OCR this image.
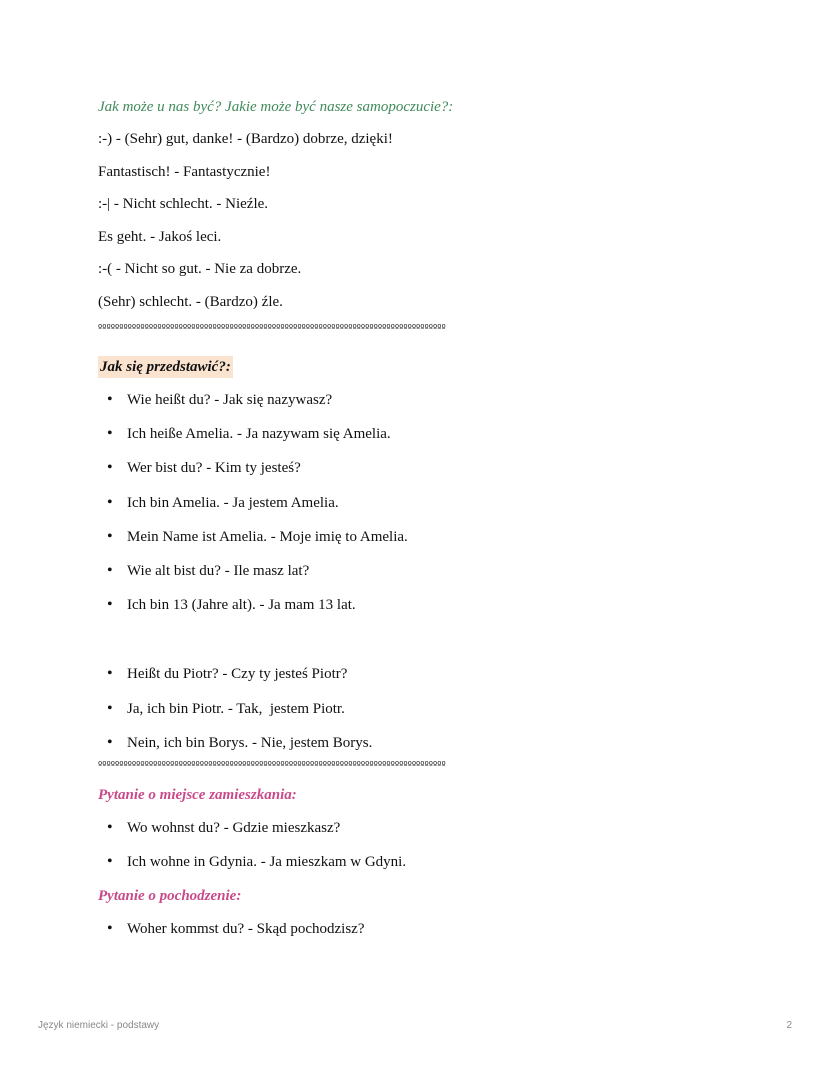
Jak może u nas być? Jakie może być nasze samopoczucie?:
:-) - (Sehr) gut, danke! - (Bardzo) dobrze, dzięki!
Fantastisch! - Fantastycznie!
:-| - Nicht schlecht. - Nieźle.
Es geht. - Jakoś leci.
:-( - Nicht so gut. - Nie za dobrze.
(Sehr) schlecht. - (Bardzo) źle.
ºººººººººººººººººººººººººººººººººººººººººººººººººººººººººººººººººººººººººººººººººº
Jak się przedstawić?:
• Wie heißt du? - Jak się nazywasz?
• Ich heiße Amelia. - Ja nazywam się Amelia.
• Wer bist du? - Kim ty jesteś?
• Ich bin Amelia. - Ja jestem Amelia.
• Mein Name ist Amelia. - Moje imię to Amelia.
• Wie alt bist du? - Ile masz lat?
• Ich bin 13 (Jahre alt). - Ja mam 13 lat.
• Heißt du Piotr? - Czy ty jesteś Piotr?
• Ja, ich bin Piotr. - Tak,  jestem Piotr.
• Nein, ich bin Borys. - Nie, jestem Borys.
ºººººººººººººººººººººººººººººººººººººººººººººººººººººººººººººººººººººººººººººººººº
Pytanie o miejsce zamieszkania:
• Wo wohnst du? - Gdzie mieszkasz?
• Ich wohne in Gdynia. - Ja mieszkam w Gdyni.
Pytanie o pochodzenie:
• Woher kommst du? - Skąd pochodzisz?
Język niemiecki - podstawy	2
